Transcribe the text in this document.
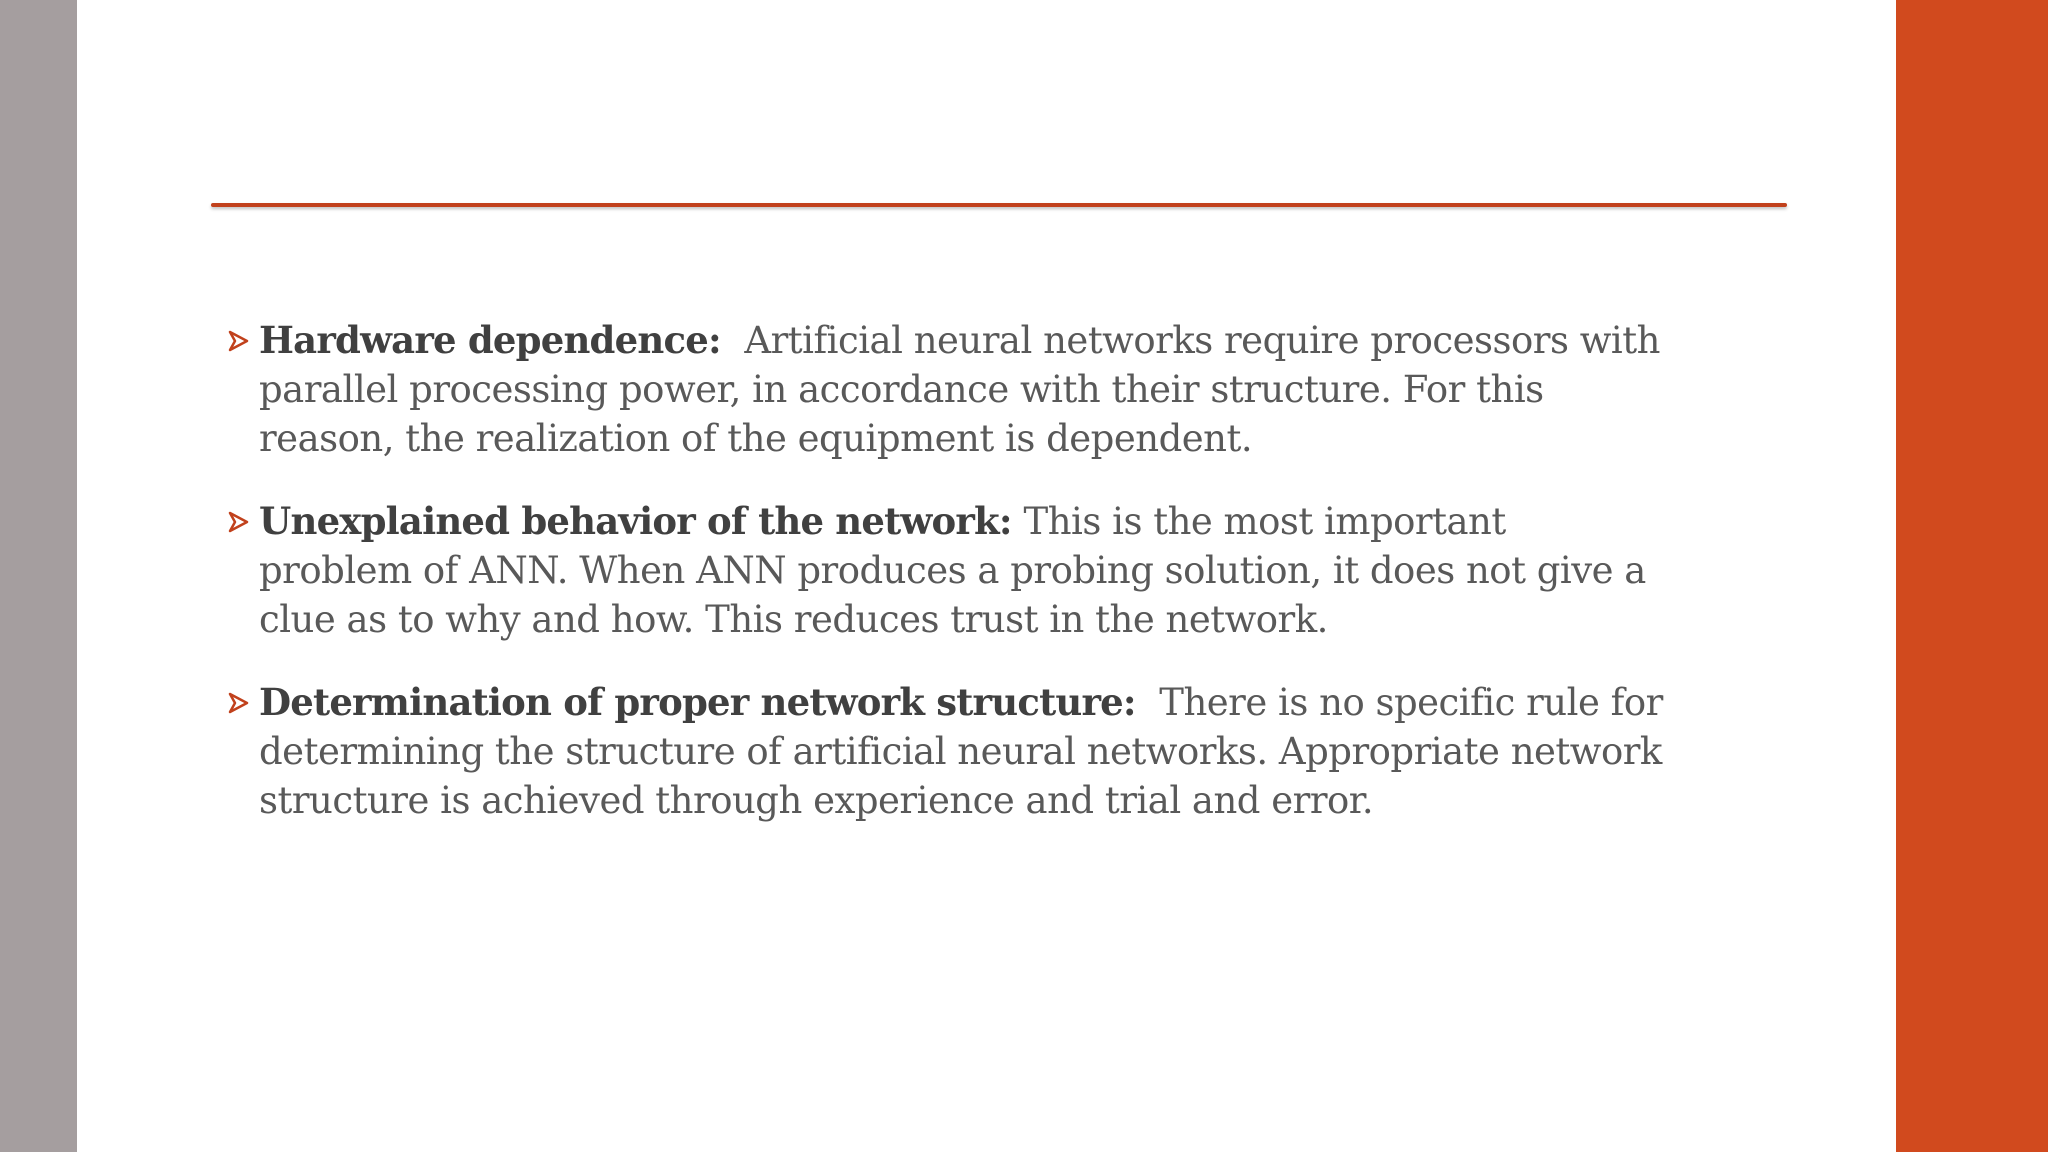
Hardware dependence: Artificial neural networks require processors with parallel processing power, in accordance with their structure. For this reason, the realization of the equipment is dependent.

Unexplained behavior of the network: This is the most important problem of ANN. When ANN produces a probing solution, it does not give a clue as to why and how. This reduces trust in the network.

Determination of proper network structure: There is no specific rule for determining the structure of artificial neural networks. Appropriate network structure is achieved through experience and trial and error.
